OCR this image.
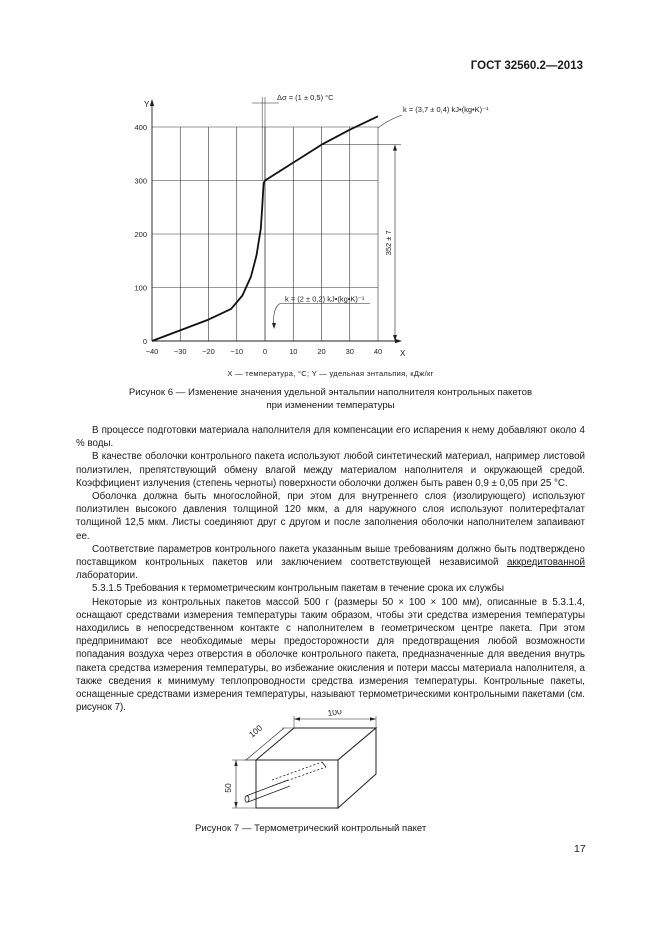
ГОСТ 32560.2—2013
Y
X
400
300
200
100
0
−40 −30 −20 −10	0	10	20	30	40
Δσ = (1 ± 0,5) °C
k = (3,7 ± 0,4) kJ•(kg•K)⁻¹
352 ± 7
k = (2 ± 0,2) kJ•(kg•K)⁻¹
X — температура, °С; Y — удельная энтальпия, кДж/кг
Рисунок 6 — Изменение значения удельной энтальпии наполнителя контрольных пакетов
при изменении температуры

В процессе подготовки материала наполнителя для компенсации его испарения к нему добавляют около 4 % воды.

В качестве оболочки контрольного пакета используют любой синтетический материал, например листовой полиэтилен, препятствующий обмену влагой между материалом наполнителя и окружающей средой. Коэффициент излучения (степень черноты) поверхности оболочки должен быть равен 0,9 ± 0,05 при 25 °С.

Оболочка должна быть многослойной, при этом для внутреннего слоя (изолирующего) используют полиэтилен высокого давления толщиной 120 мкм, а для наружного слоя используют политерефталат толщиной 12,5 мкм. Листы соединяют друг с другом и после заполнения оболочки наполнителем запаивают ее.

Соответствие параметров контрольного пакета указанным выше требованиям должно быть подтверждено поставщиком контрольных пакетов или заключением соответствующей независимой аккредитованной лаборатории.

5.3.1.5 Требования к термометрическим контрольным пакетам в течение срока их службы

Некоторые из контрольных пакетов массой 500 г (размеры 50 × 100 × 100 мм), описанные в 5.3.1.4, оснащают средствами измерения температуры таким образом, чтобы эти средства измерения температуры находились в непосредственном контакте с наполнителем в геометрическом центре пакета. При этом предпринимают все необходимые меры предосторожности для предотвращения любой возможности попадания воздуха через отверстия в оболочке контрольного пакета, предназначенные для введения внутрь пакета средства измерения температуры, во избежание окисления и потери массы материала наполнителя, а также сведения к минимуму теплопроводности средства измерения температуры. Контрольные пакеты, оснащенные средствами измерения температуры, называют термометрическими контрольными пакетами (см. рисунок 7).	100
100
50
Рисунок 7 — Термометрический контрольный пакет
17
